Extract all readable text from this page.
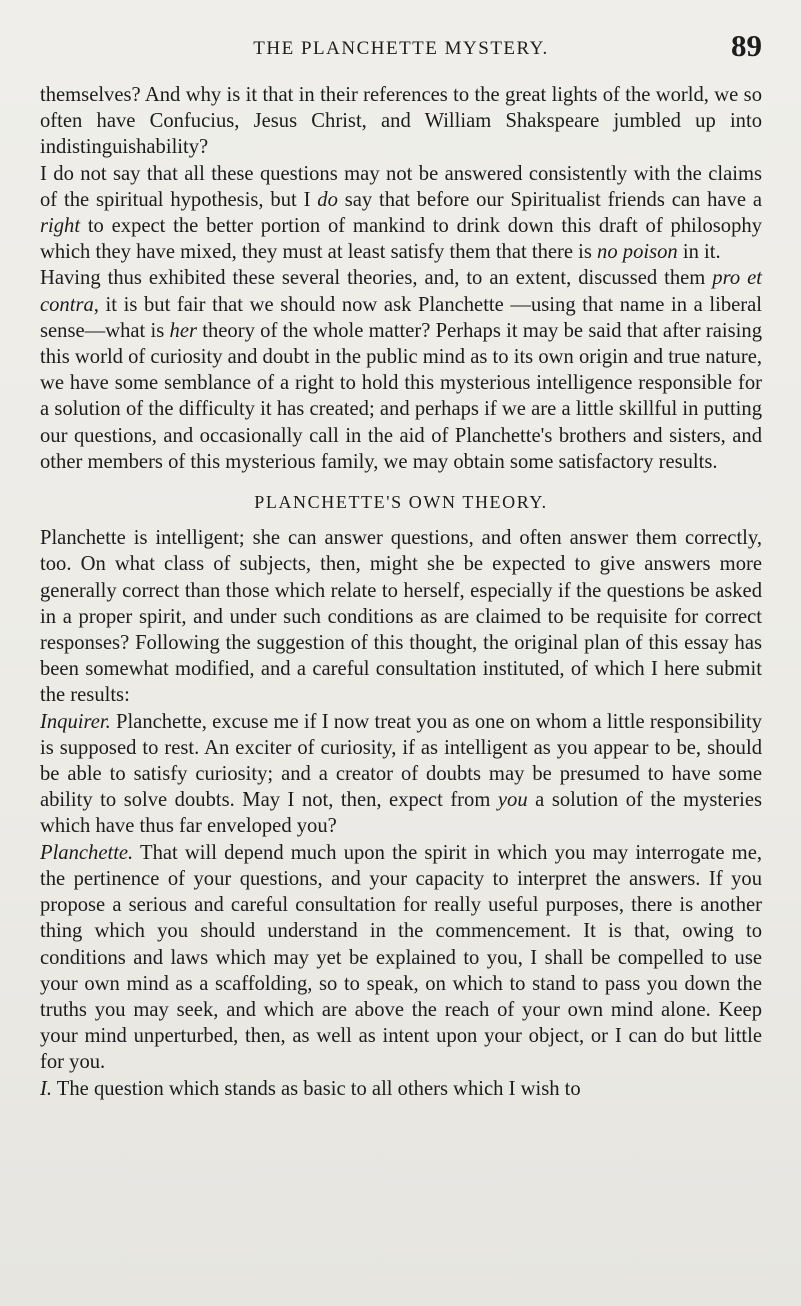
THE PLANCHETTE MYSTERY.	89

themselves? And why is it that in their references to the great lights of the world, we so often have Confucius, Jesus Christ, and William Shakspeare jumbled up into indistinguishability?

I do not say that all these questions may not be answered consistently with the claims of the spiritual hypothesis, but I do say that before our Spiritualist friends can have a right to expect the better portion of mankind to drink down this draft of philosophy which they have mixed, they must at least satisfy them that there is no poison in it.

Having thus exhibited these several theories, and, to an extent, discussed them pro et contra, it is but fair that we should now ask Planchette —using that name in a liberal sense—what is her theory of the whole matter? Perhaps it may be said that after raising this world of curiosity and doubt in the public mind as to its own origin and true nature, we have some semblance of a right to hold this mysterious intelligence responsible for a solution of the difficulty it has created; and perhaps if we are a little skillful in putting our questions, and occasionally call in the aid of Planchette's brothers and sisters, and other members of this mysterious family, we may obtain some satisfactory results.

PLANCHETTE'S OWN THEORY.

Planchette is intelligent; she can answer questions, and often answer them correctly, too. On what class of subjects, then, might she be expected to give answers more generally correct than those which relate to herself, especially if the questions be asked in a proper spirit, and under such conditions as are claimed to be requisite for correct responses? Following the suggestion of this thought, the original plan of this essay has been somewhat modified, and a careful consultation instituted, of which I here submit the results:

Inquirer. Planchette, excuse me if I now treat you as one on whom a little responsibility is supposed to rest. An exciter of curiosity, if as intelligent as you appear to be, should be able to satisfy curiosity; and a creator of doubts may be presumed to have some ability to solve doubts. May I not, then, expect from you a solution of the mysteries which have thus far enveloped you?

Planchette. That will depend much upon the spirit in which you may interrogate me, the pertinence of your questions, and your capacity to interpret the answers. If you propose a serious and careful consultation for really useful purposes, there is another thing which you should understand in the commencement. It is that, owing to conditions and laws which may yet be explained to you, I shall be compelled to use your own mind as a scaffolding, so to speak, on which to stand to pass you down the truths you may seek, and which are above the reach of your own mind alone. Keep your mind unperturbed, then, as well as intent upon your object, or I can do but little for you.

I. The question which stands as basic to all others which I wish to
